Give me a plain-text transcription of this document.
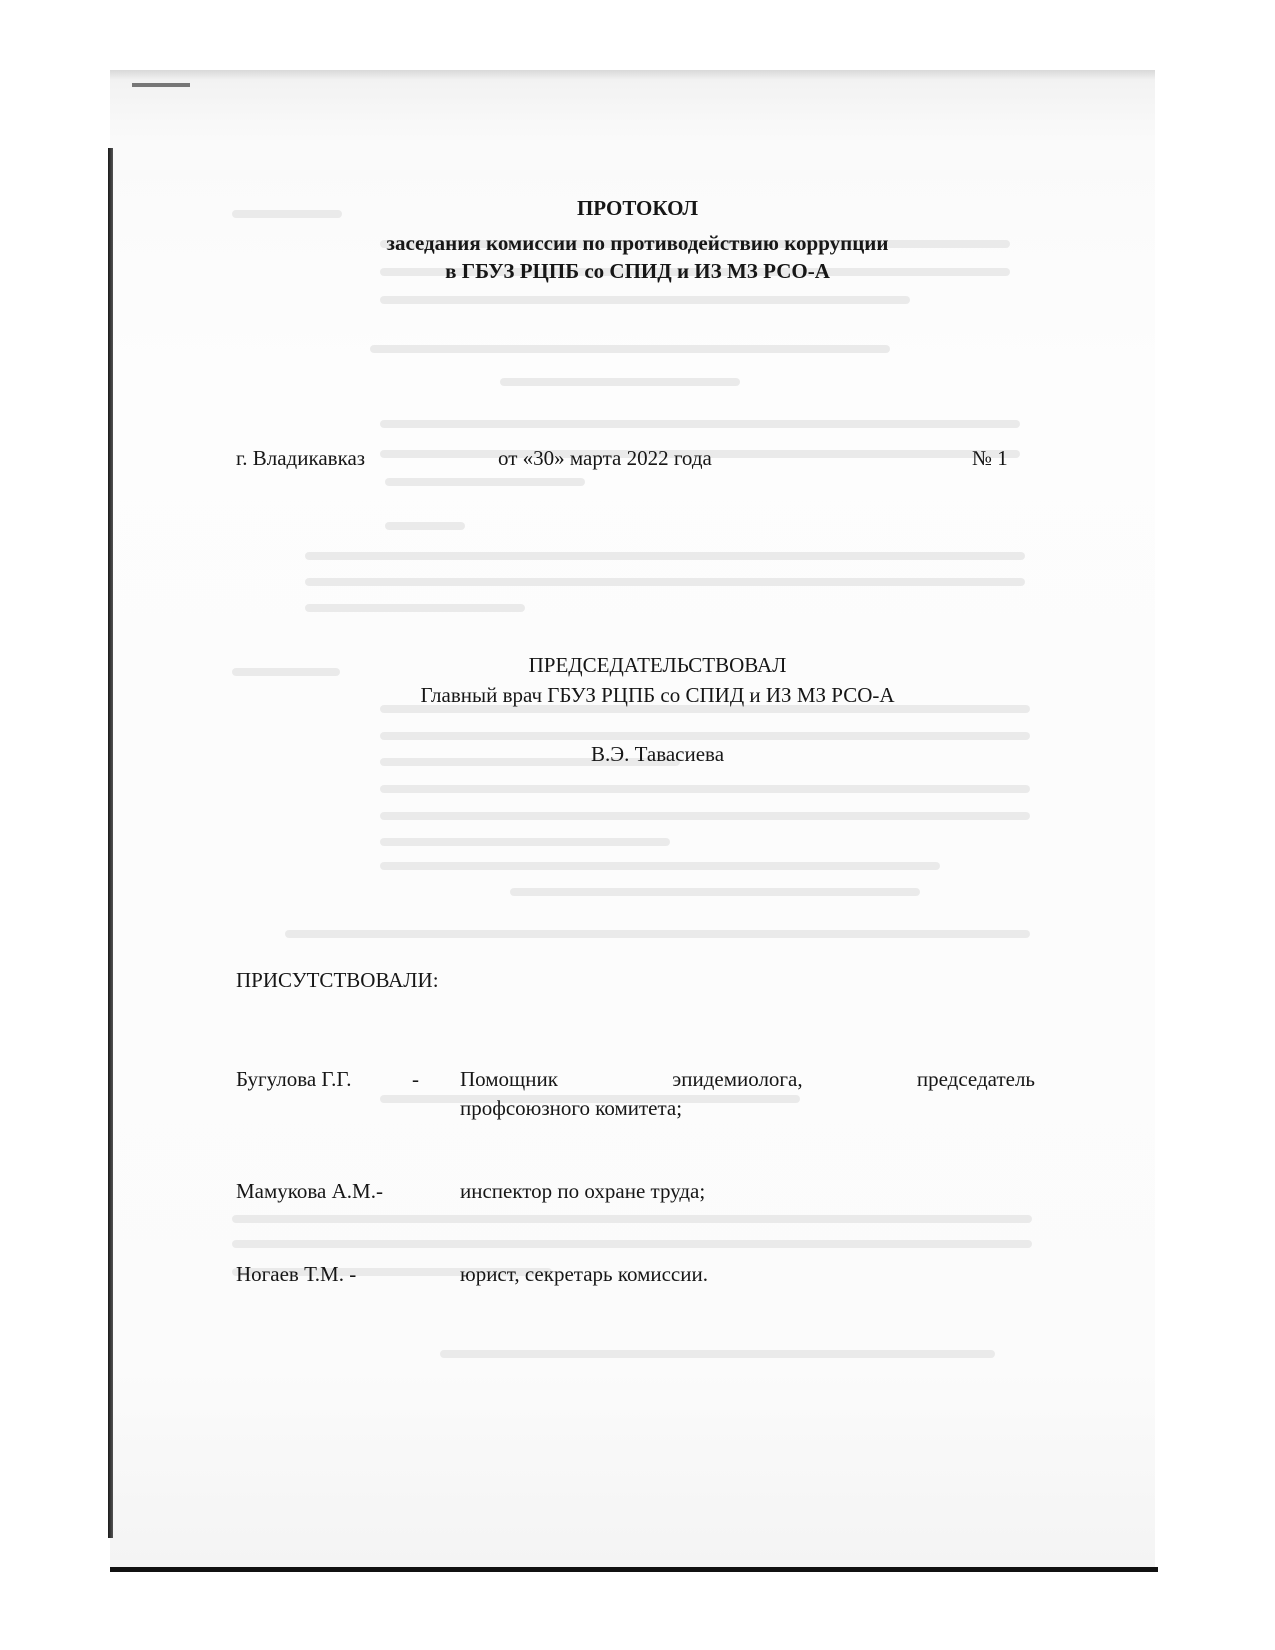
ПРОТОКОЛ
заседания комиссии по противодействию коррупции
в ГБУЗ РЦПБ со СПИД и ИЗ МЗ РСО-А
г. Владикавказ	от «30» марта 2022 года	№ 1
ПРЕДСЕДАТЕЛЬСТВОВАЛ
Главный врач ГБУЗ РЦПБ со СПИД и ИЗ МЗ РСО-А
В.Э. Тавасиева
ПРИСУТСТВОВАЛИ:
Бугулова Г.Г.	- Помощник эпидемиолога, председатель
профсоюзного комитета;
Мамукова А.М.-	инспектор по охране труда;
Ногаев Т.М. -	юрист, секретарь комиссии.
